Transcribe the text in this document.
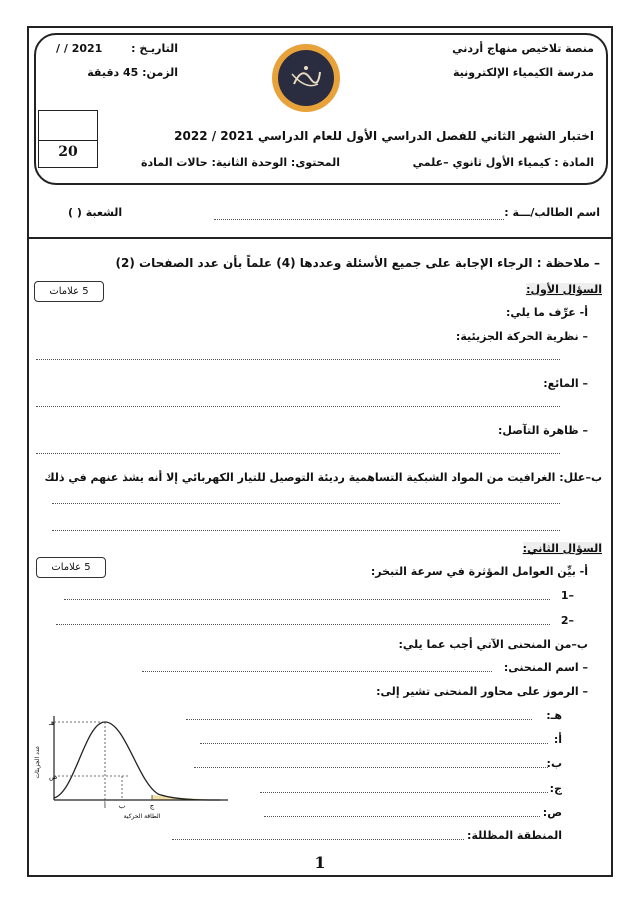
منصة تلاخيص منهاج أردني
مدرسة الكيمياء الإلكترونية
التاريـخ :
/ / 2021
الزمن: 45 دقيقة
اختبار الشهر الثاني للفصل الدراسي الأول للعام الدراسي 2021 / 2022
المادة : كيمياء الأول ثانوي –علمي
المحتوى: الوحدة الثانية: حالات المادة
20
اسم الطالب/ـــة :
الشعبة ( )
– ملاحظة : الرجاء الإجابة على جميع الأسئلة وعددها (4) علماً بأن عدد الصفحات (2)
السؤال الأول:
5 علامات
أ- عرِّف ما يلي:
– نظرية الحركة الجزيئية:
– المائع:
– ظاهرة التآصل:
ب–علل: الغرافيت من المواد الشبكية التساهمية رديئة التوصيل للتيار الكهربائي إلا أنه يشذ عنهم في ذلك
السؤال الثاني:
5 علامات	أ- بيِّن العوامل المؤثرة في سرعة التبخر:
–1
–2
ب–من المنحنى الآتي أجب عما يلي:
– اسم المنحنى:
– الرموز على محاور المنحنى تشير إلى:
هـ:
أ:
ب:
ج:
ص:
المنطقة المظللة:
هـ
ص
أ ب	ج
الطاقة الحركية
عدد الجزيئات
1
